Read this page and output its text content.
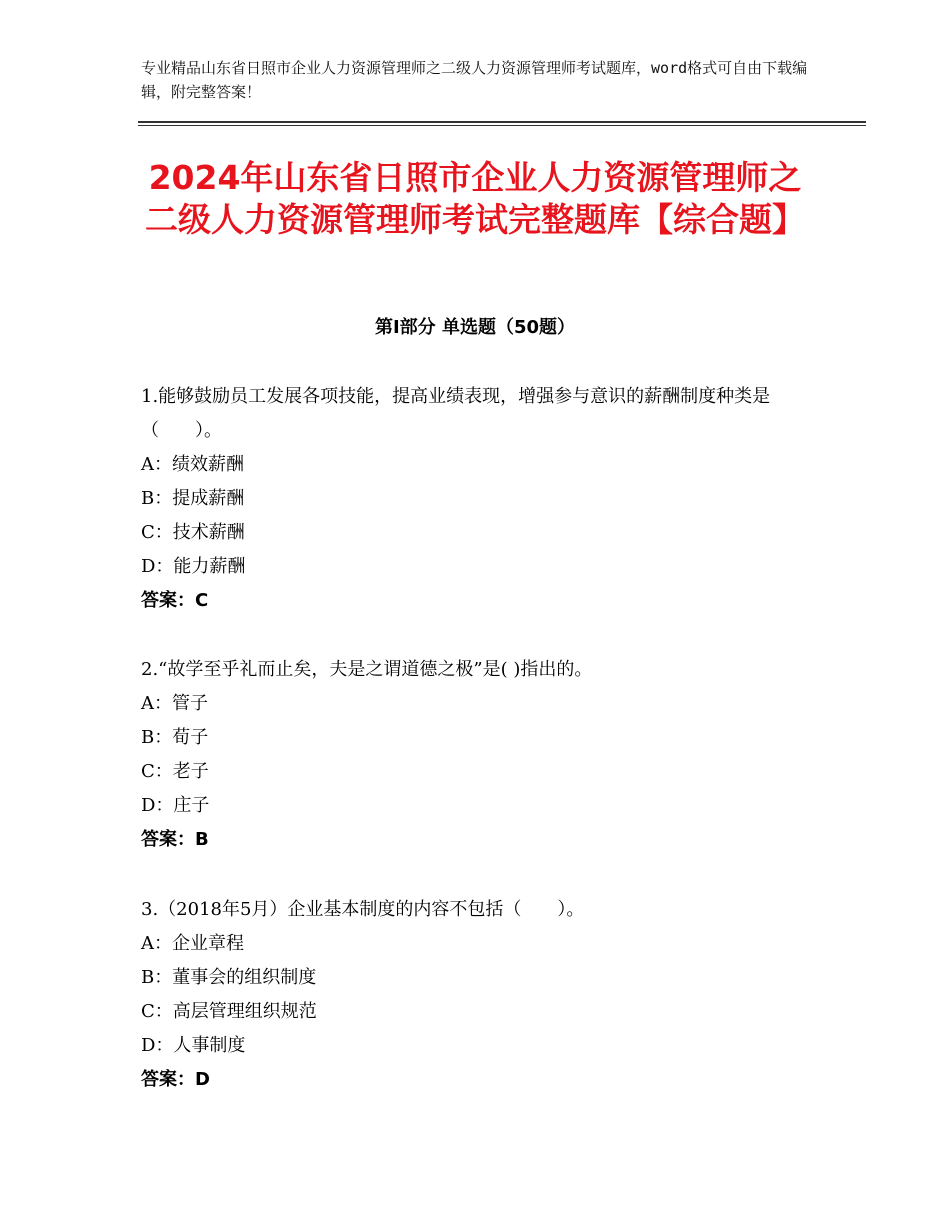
专业精品山东省日照市企业人力资源管理师之二级人力资源管理师考试题库，word格式可自由下载编辑，附完整答案！
2024年山东省日照市企业人力资源管理师之二级人力资源管理师考试完整题库【综合题】
第Ⅰ部分 单选题（50题）

1.能够鼓励员工发展各项技能，提高业绩表现，增强参与意识的薪酬制度种类是（　　）。

A：绩效薪酬

B：提成薪酬

C：技术薪酬

D：能力薪酬

答案：C

2.“故学至乎礼而止矣，夫是之谓道德之极”是( )指出的。

A：管子

B：荀子

C：老子

D：庄子

答案：B

3.（2018年5月）企业基本制度的内容不包括（　　）。

A：企业章程

B：董事会的组织制度

C：高层管理组织规范

D：人事制度

答案：D
